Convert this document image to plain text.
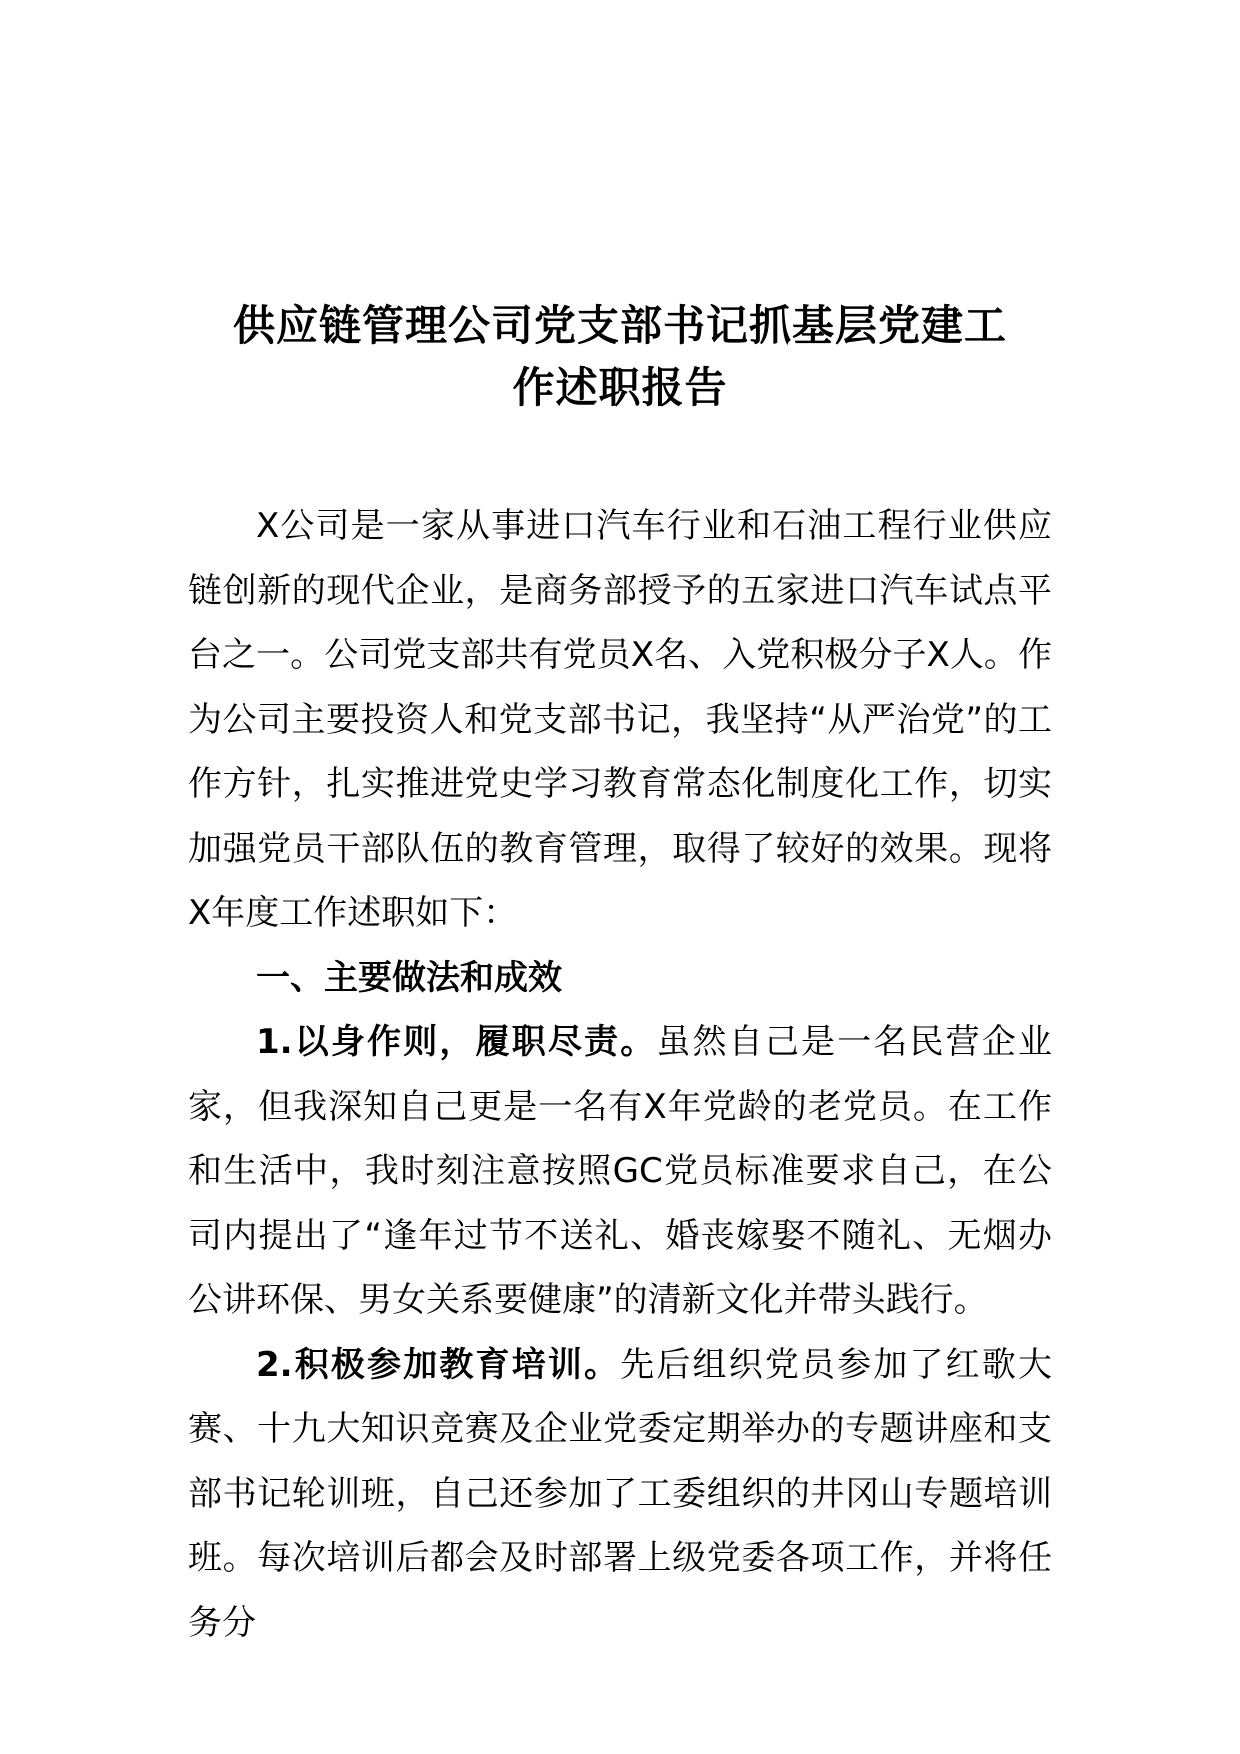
供应链管理公司党支部书记抓基层党建工
作述职报告

X公司是一家从事进口汽车行业和石油工程行业供应链创新的现代企业，是商务部授予的五家进口汽车试点平台之一。公司党支部共有党员X名、入党积极分子X人。作为公司主要投资人和党支部书记，我坚持“从严治党”的工作方针，扎实推进党史学习教育常态化制度化工作，切实加强党员干部队伍的教育管理，取得了较好的效果。现将X年度工作述职如下：

一、主要做法和成效

1.以身作则，履职尽责。虽然自己是一名民营企业家，但我深知自己更是一名有X年党龄的老党员。在工作和生活中，我时刻注意按照GC党员标准要求自己，在公司内提出了“逢年过节不送礼、婚丧嫁娶不随礼、无烟办公讲环保、男女关系要健康”的清新文化并带头践行。

2.积极参加教育培训。先后组织党员参加了红歌大赛、十九大知识竞赛及企业党委定期举办的专题讲座和支部书记轮训班，自己还参加了工委组织的井冈山专题培训班。每次培训后都会及时部署上级党委各项工作，并将任务分
